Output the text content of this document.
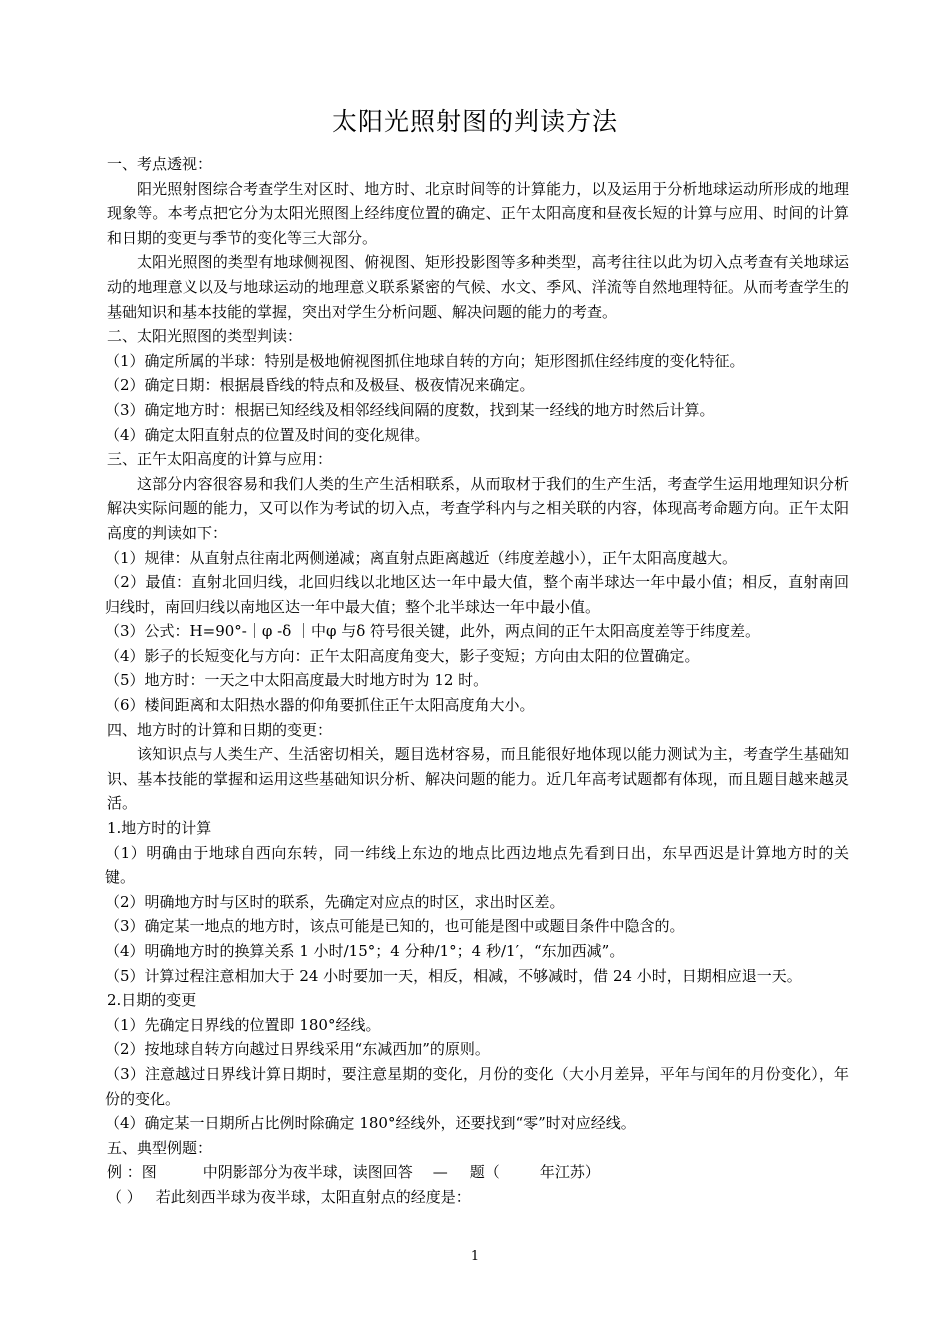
太阳光照射图的判读方法

一、考点透视：

阳光照射图综合考查学生对区时、地方时、北京时间等的计算能力，以及运用于分析地球运动所形成的地理现象等。本考点把它分为太阳光照图上经纬度位置的确定、正午太阳高度和昼夜长短的计算与应用、时间的计算和日期的变更与季节的变化等三大部分。

太阳光照图的类型有地球侧视图、俯视图、矩形投影图等多种类型，高考往往以此为切入点考查有关地球运动的地理意义以及与地球运动的地理意义联系紧密的气候、水文、季风、洋流等自然地理特征。从而考查学生的基础知识和基本技能的掌握，突出对学生分析问题、解决问题的能力的考查。

二、太阳光照图的类型判读：

（1）确定所属的半球：特别是极地俯视图抓住地球自转的方向；矩形图抓住经纬度的变化特征。

（2）确定日期：根据晨昏线的特点和及极昼、极夜情况来确定。

（3）确定地方时：根据已知经线及相邻经线间隔的度数，找到某一经线的地方时然后计算。

（4）确定太阳直射点的位置及时间的变化规律。

三、正午太阳高度的计算与应用：

这部分内容很容易和我们人类的生产生活相联系，从而取材于我们的生产生活，考查学生运用地理知识分析解决实际问题的能力，又可以作为考试的切入点，考查学科内与之相关联的内容，体现高考命题方向。正午太阳高度的判读如下：

（1）规律：从直射点往南北两侧递减；离直射点距离越近（纬度差越小），正午太阳高度越大。

（2）最值：直射北回归线，北回归线以北地区达一年中最大值，整个南半球达一年中最小值；相反，直射南回归线时，南回归线以南地区达一年中最大值；整个北半球达一年中最小值。

（3）公式：H=90°-｜φ -δ ｜中φ 与δ 符号很关键，此外，两点间的正午太阳高度差等于纬度差。

（4）影子的长短变化与方向：正午太阳高度角变大，影子变短；方向由太阳的位置确定。

（5）地方时：一天之中太阳高度最大时地方时为 12 时。

（6）楼间距离和太阳热水器的仰角要抓住正午太阳高度角大小。

四、地方时的计算和日期的变更：

该知识点与人类生产、生活密切相关，题目选材容易，而且能很好地体现以能力测试为主，考查学生基础知识、基本技能的掌握和运用这些基础知识分析、解决问题的能力。近几年高考试题都有体现，而且题目越来越灵活。

1.地方时的计算

（1）明确由于地球自西向东转，同一纬线上东边的地点比西边地点先看到日出，东早西迟是计算地方时的关键。

（2）明确地方时与区时的联系，先确定对应点的时区，求出时区差。

（3）确定某一地点的地方时，该点可能是已知的，也可能是图中或题目条件中隐含的。

（4）明确地方时的换算关系 1 小时/15°；4 分种/1°；4 秒/1′，“东加西减”。

（5）计算过程注意相加大于 24 小时要加一天，相反，相减，不够减时，借 24 小时，日期相应退一天。

2.日期的变更

（1）先确定日界线的位置即 180°经线。

（2）按地球自转方向越过日界线采用“东减西加”的原则。

（3）注意越过日界线计算日期时，要注意星期的变化，月份的变化（大小月差异，平年与闰年的月份变化），年份的变化。

（4）确定某一日期所占比例时除确定 180°经线外，还要找到“零”时对应经线。

五、典型例题：

例 ：图	中阴影部分为夜半球，读图回答 — 题（	年江苏）

（ ） 若此刻西半球为夜半球，太阳直射点的经度是：

1
